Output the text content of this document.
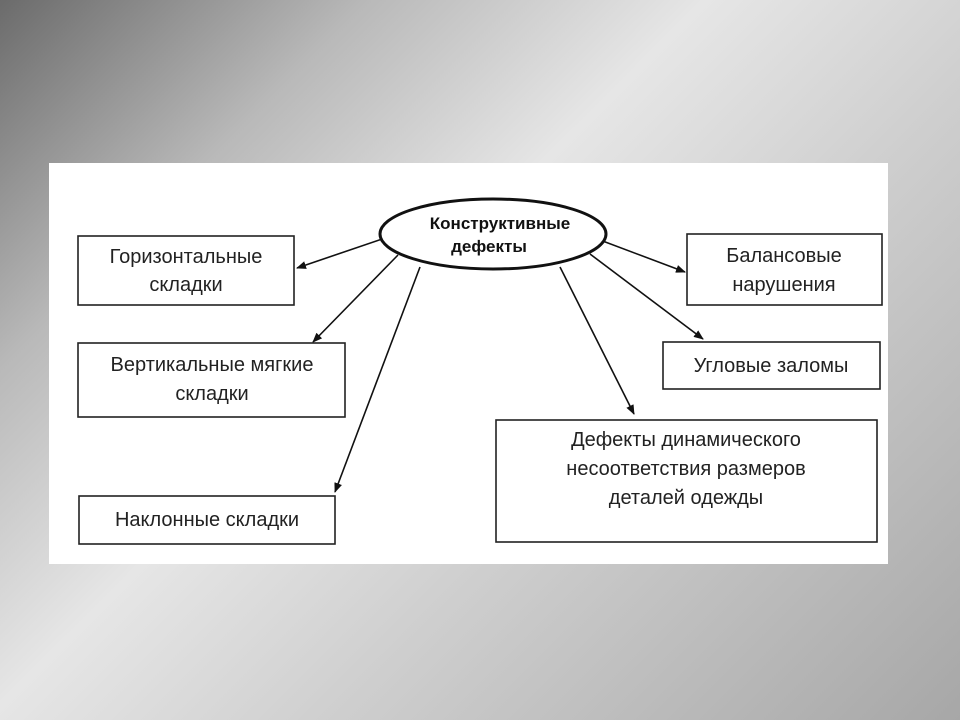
Конструктивные
дефекты
Горизонтальные
складки
Вертикальные мягкие
складки
Наклонные складки
Балансовые
нарушения
Угловые заломы
Дефекты динамического
несоответствия размеров
деталей одежды
